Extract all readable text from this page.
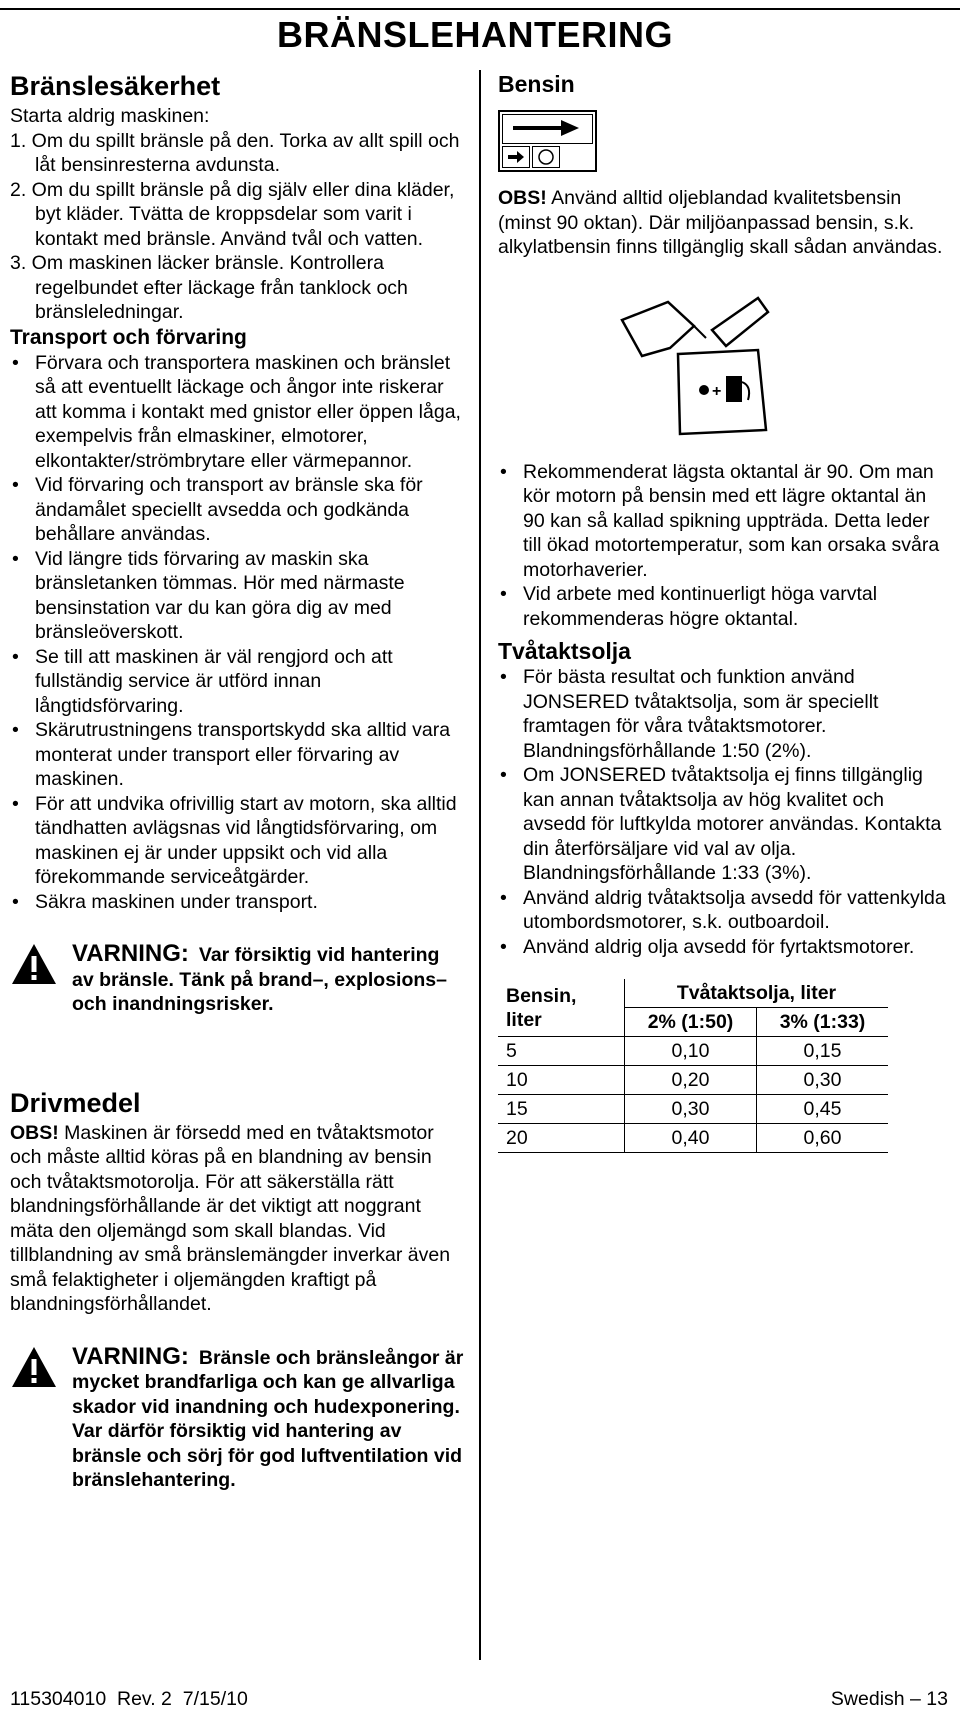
BRÄNSLEHANTERING
Bränslesäkerhet

Starta aldrig maskinen:

1. Om du spillt bränsle på den. Torka av allt spill och låt bensinresterna avdunsta.
2. Om du spillt bränsle på dig själv eller dina kläder, byt kläder. Tvätta de kroppsdelar som varit i kontakt med bränsle. Använd tvål och vatten.
3. Om maskinen läcker bränsle. Kontrollera regelbundet efter läckage från tanklock och bränsleledningar.
Transport och förvaring
• Förvara och transportera maskinen och bränslet så att eventuellt läckage och ångor inte riskerar att komma i kontakt med gnistor eller öppen låga, exempelvis från elmaskiner, elmotorer, elkontakter/strömbrytare eller värmepannor.
• Vid förvaring och transport av bränsle ska för ändamålet speciellt avsedda och godkända behållare användas.
• Vid längre tids förvaring av maskin ska bränsletanken tömmas. Hör med närmaste bensinstation var du kan göra dig av med bränsleöverskott.
• Se till att maskinen är väl rengjord och att fullständig service är utförd innan långtidsförvaring.
• Skärutrustningens transportskydd ska alltid vara monterat under transport eller förvaring av maskinen.
• För att undvika ofrivillig start av motorn, ska alltid tändhatten avlägsnas vid långtidsförvaring, om maskinen ej är under uppsikt och vid alla förekommande serviceåtgärder.
• Säkra maskinen under transport.
VARNING: Var försiktig vid hantering av bränsle. Tänk på brand–, explosions– och inandningsrisker.
Drivmedel

OBS! Maskinen är försedd med en tvåtaktsmotor och måste alltid köras på en blandning av bensin och tvåtaktsmotorolja. För att säkerställa rätt blandningsförhållande är det viktigt att noggrant mäta den oljemängd som skall blandas. Vid tillblandning av små bränslemängder inverkar även små felaktigheter i oljemängden kraftigt på blandningsförhållandet.

VARNING: Bränsle och bränsleångor är mycket brandfarliga och kan ge allvarliga skador vid inandning och hudexponering. Var därför försiktig vid hantering av bränsle och sörj för god luftventilation vid bränslehantering.
Bensin

OBS! Använd alltid oljeblandad kvalitetsbensin (minst 90 oktan). Där miljöanpassad bensin, s.k. alkylatbensin finns tillgänglig skall sådan användas.

+
• Rekommenderat lägsta oktantal är 90. Om man kör motorn på bensin med ett lägre oktantal än 90 kan så kallad spikning uppträda. Detta leder till ökad motortemperatur, som kan orsaka svåra motorhaverier.
• Vid arbete med kontinuerligt höga varvtal rekommenderas högre oktantal.
Tvåtaktsolja
• För bästa resultat och funktion använd JONSERED tvåtaktsolja, som är speciellt framtagen för våra tvåtaktsmotorer. Blandningsförhållande 1:50 (2%).
• Om JONSERED tvåtaktsolja ej finns tillgänglig kan annan tvåtaktsolja av hög kvalitet och avsedd för luftkylda motorer användas. Kontakta din återförsäljare vid val av olja. Blandningsförhållande 1:33 (3%).
• Använd aldrig tvåtaktsolja avsedd för vattenkylda utombordsmotorer, s.k. outboardoil.
• Använd aldrig olja avsedd för fyrtaktsmotorer.
Bensin, liter	Tvåtaktsolja, liter	
	2% (1:50)	3% (1:33)
5	0,10	0,15
10	0,20	0,30
15	0,30	0,45
20	0,40	0,60
115304010  Rev. 2  7/15/10	Swedish – 13
